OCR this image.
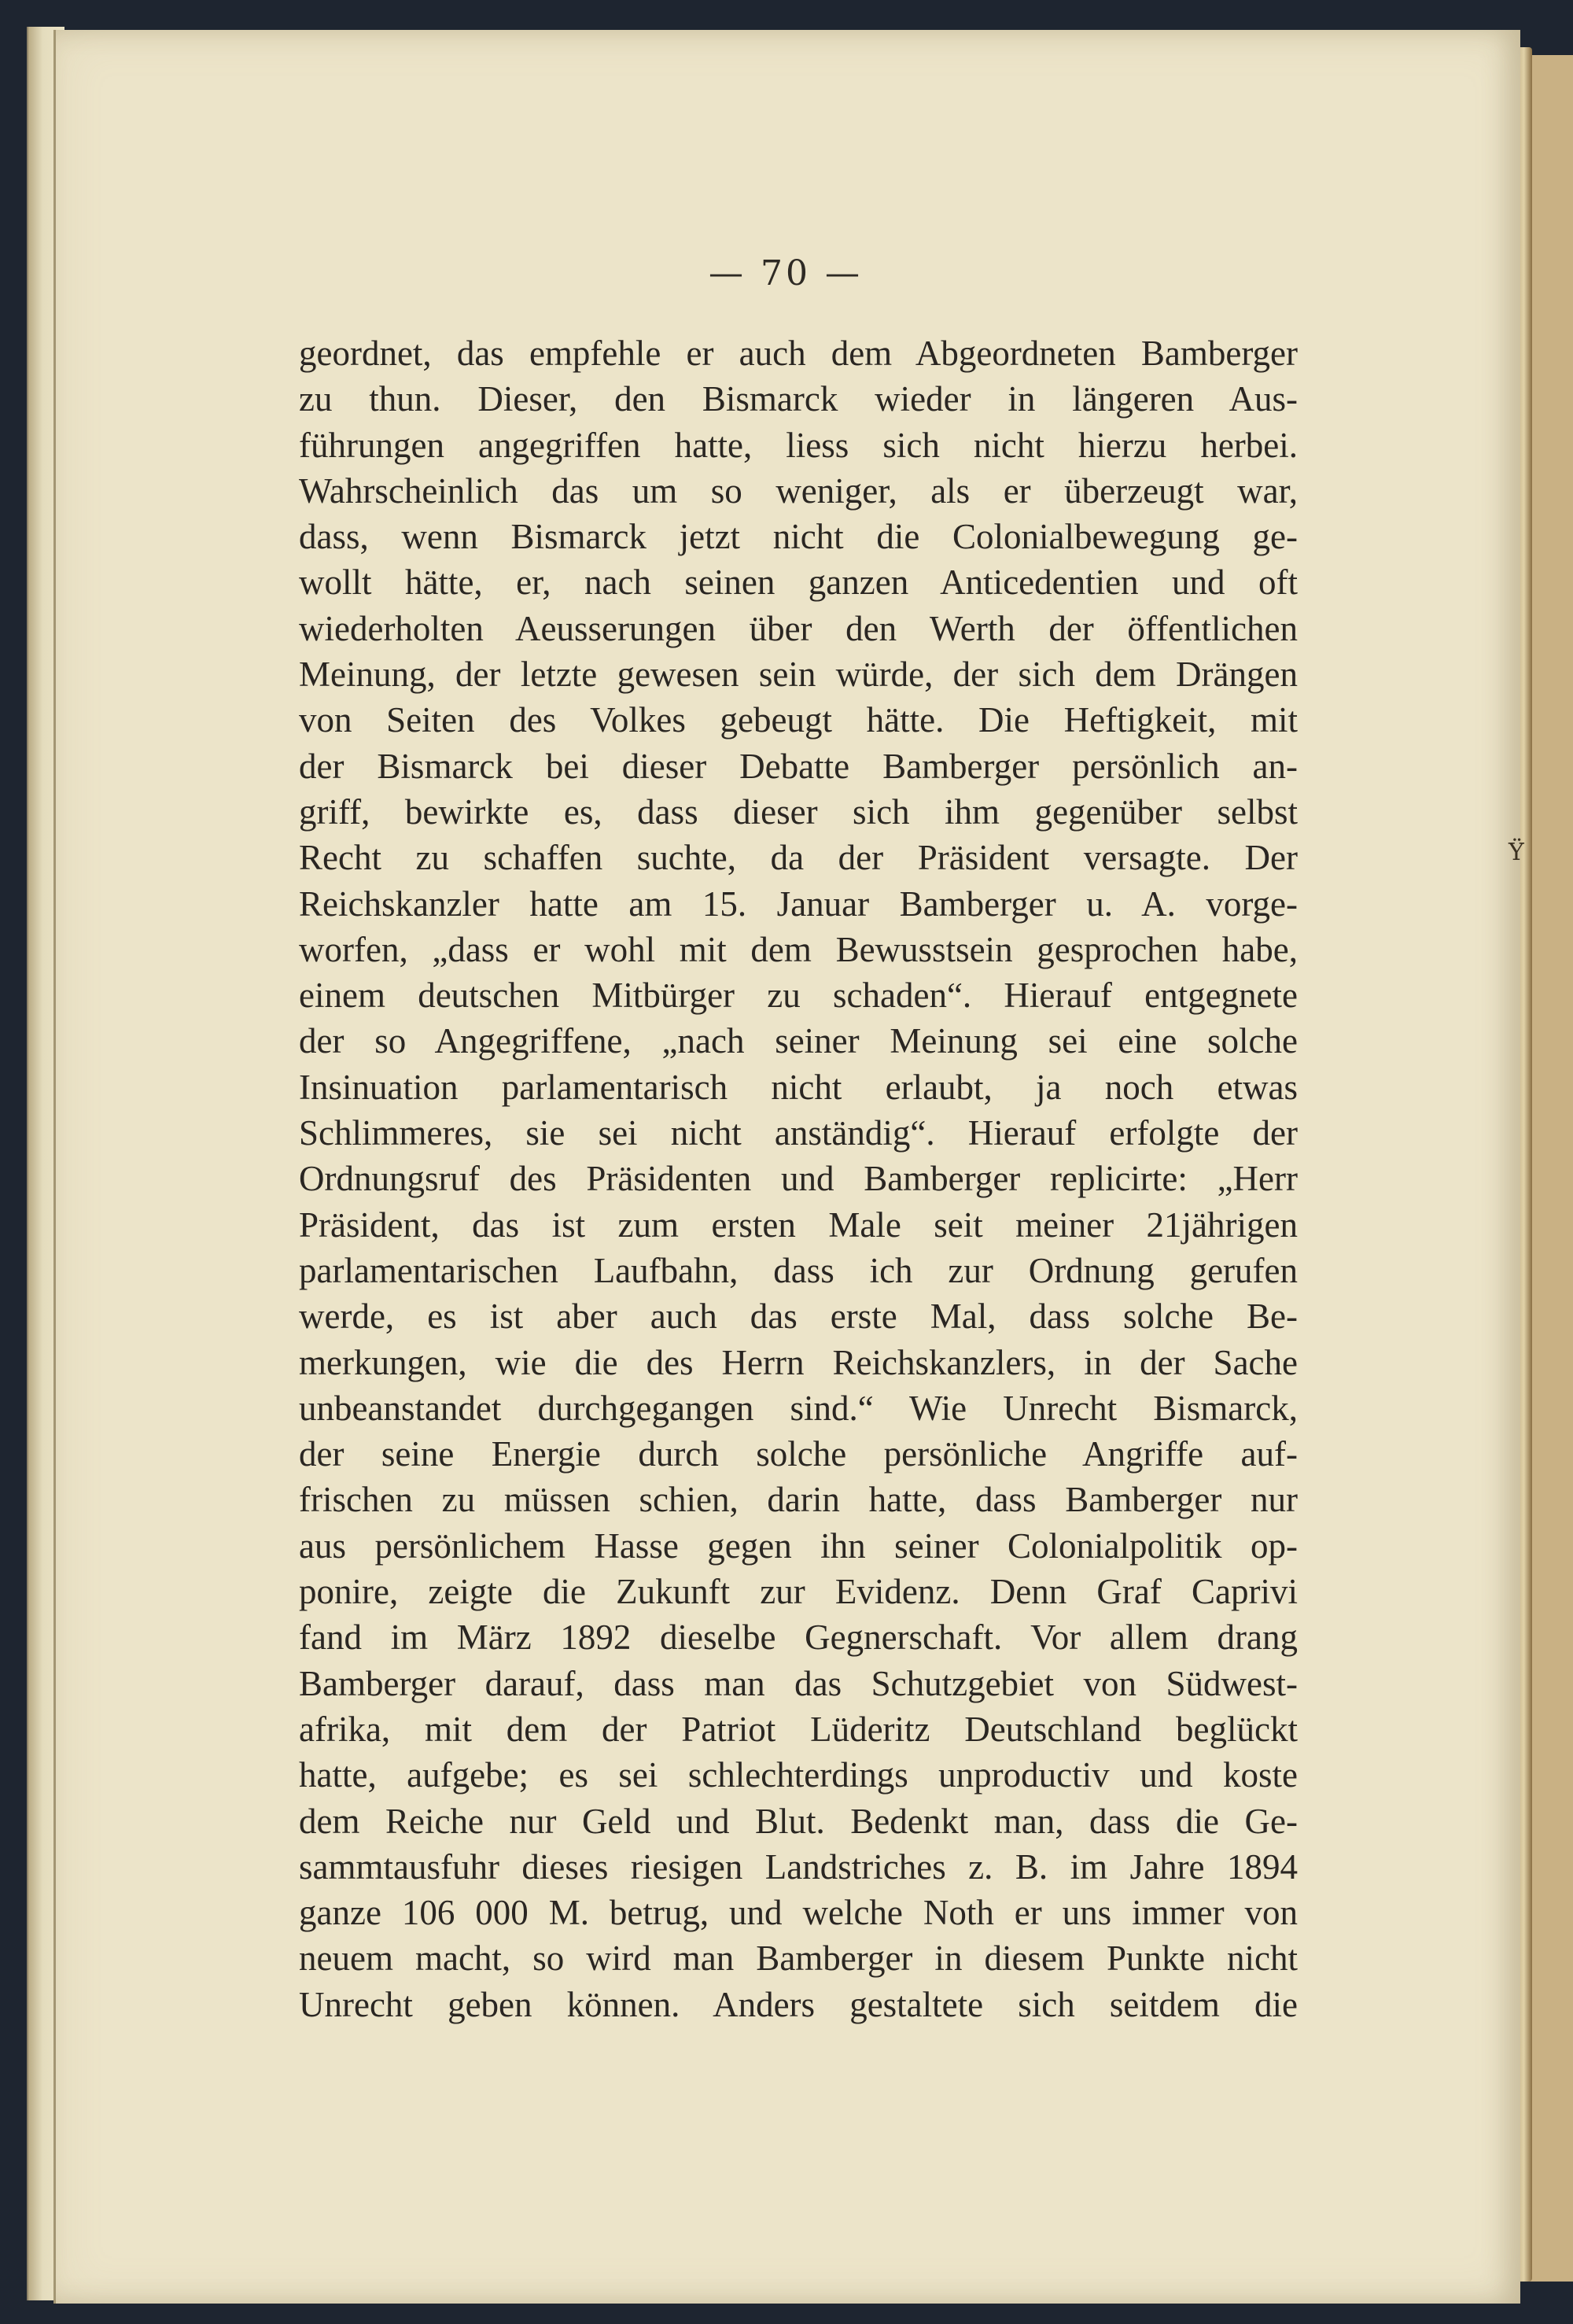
— 70 —
Ϋ
geordnet, das empfehle er auch dem Abgeordneten Bamberger
zu thun. Dieser, den Bismarck wieder in längeren Aus-
führungen angegriffen hatte, liess sich nicht hierzu herbei.
Wahrscheinlich das um so weniger, als er überzeugt war,
dass, wenn Bismarck jetzt nicht die Colonialbewegung ge-
wollt hätte, er, nach seinen ganzen Anticedentien und oft
wiederholten Aeusserungen über den Werth der öffentlichen
Meinung, der letzte gewesen sein würde, der sich dem Drängen
von Seiten des Volkes gebeugt hätte. Die Heftigkeit, mit
der Bismarck bei dieser Debatte Bamberger persönlich an-
griff, bewirkte es, dass dieser sich ihm gegenüber selbst
Recht zu schaffen suchte, da der Präsident versagte. Der
Reichskanzler hatte am 15. Januar Bamberger u. A. vorge-
worfen, „dass er wohl mit dem Bewusstsein gesprochen habe,
einem deutschen Mitbürger zu schaden“. Hierauf entgegnete
der so Angegriffene, „nach seiner Meinung sei eine solche
Insinuation parlamentarisch nicht erlaubt, ja noch etwas
Schlimmeres, sie sei nicht anständig“. Hierauf erfolgte der
Ordnungsruf des Präsidenten und Bamberger replicirte: „Herr
Präsident, das ist zum ersten Male seit meiner 21jährigen
parlamentarischen Laufbahn, dass ich zur Ordnung gerufen
werde, es ist aber auch das erste Mal, dass solche Be-
merkungen, wie die des Herrn Reichskanzlers, in der Sache
unbeanstandet durchgegangen sind.“ Wie Unrecht Bismarck,
der seine Energie durch solche persönliche Angriffe auf-
frischen zu müssen schien, darin hatte, dass Bamberger nur
aus persönlichem Hasse gegen ihn seiner Colonialpolitik op-
ponire, zeigte die Zukunft zur Evidenz. Denn Graf Caprivi
fand im März 1892 dieselbe Gegnerschaft. Vor allem drang
Bamberger darauf, dass man das Schutzgebiet von Südwest-
afrika, mit dem der Patriot Lüderitz Deutschland beglückt
hatte, aufgebe; es sei schlechterdings unproductiv und koste
dem Reiche nur Geld und Blut. Bedenkt man, dass die Ge-
sammtausfuhr dieses riesigen Landstriches z. B. im Jahre 1894
ganze 106 000 M. betrug, und welche Noth er uns immer von
neuem macht, so wird man Bamberger in diesem Punkte nicht
Unrecht geben können. Anders gestaltete sich seitdem die
